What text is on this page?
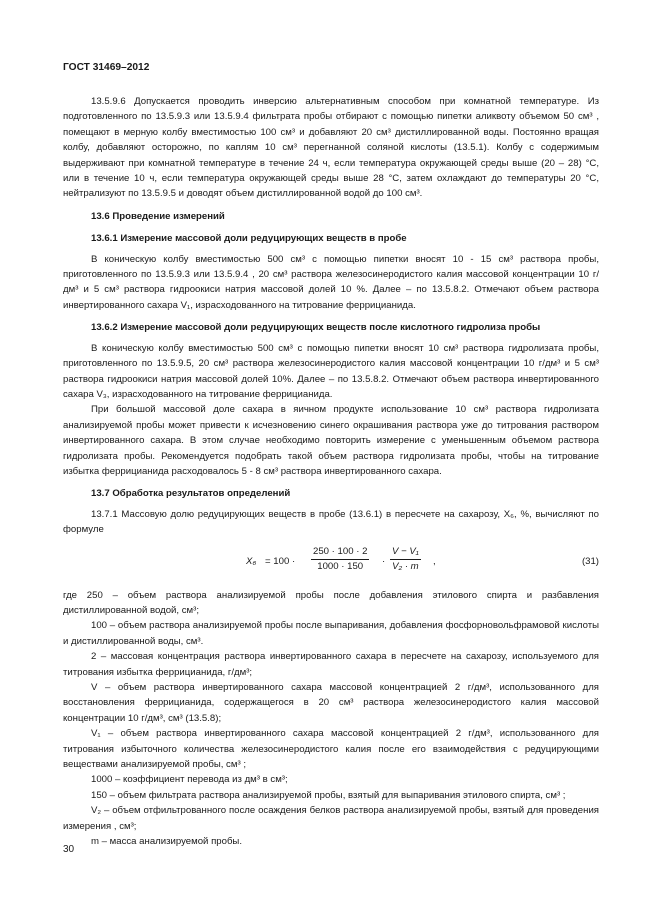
ГОСТ 31469–2012

13.5.9.6 Допускается проводить инверсию альтернативным способом при комнатной температуре. Из подготовленного по 13.5.9.3 или 13.5.9.4 фильтрата пробы отбирают с помощью пипетки аликвоту объемом 50 см³ , помещают в мерную колбу вместимостью 100 см³ и добавляют 20 см³ дистиллированной воды. Постоянно вращая колбу, добавляют осторожно, по каплям 10 см³ перегнанной соляной кислоты (13.5.1). Колбу с содержимым выдерживают при комнатной температуре в течение 24 ч, если температура окружающей среды выше (20 – 28) °С, или в течение 10 ч, если температура окружающей среды выше 28 °С, затем охлаждают до температуры 20 °С, нейтрализуют по 13.5.9.5 и доводят объем дистиллированной водой до 100 см³.

13.6 Проведение измерений

13.6.1 Измерение массовой доли редуцирующих веществ в пробе

В коническую колбу вместимостью 500 см³ с помощью пипетки вносят 10 - 15 см³ раствора пробы, приготовленного по 13.5.9.3 или 13.5.9.4 , 20 см³ раствора железосинеродистого калия массовой концентрации 10 г/дм³ и 5 см³ раствора гидроокиси натрия массовой долей 10 %. Далее – по 13.5.8.2. Отмечают объем раствора инвертированного сахара V₁, израсходованного на титрование феррицианида.

13.6.2 Измерение массовой доли редуцирующих веществ после кислотного гидролиза пробы

В коническую колбу вместимостью 500 см³ с помощью пипетки вносят 10 см³ раствора гидролизата пробы, приготовленного по 13.5.9.5, 20 см³ раствора железосинеродистого калия массовой концентрации 10 г/дм³ и 5 см³ раствора гидроокиси натрия массовой долей 10%. Далее – по 13.5.8.2. Отмечают объем раствора инвертированного сахара V₃, израсходованного на титрование феррицианида.

При большой массовой доле сахара в яичном продукте использование 10 см³ раствора гидролизата анализируемой пробы может привести к исчезновению синего окрашивания раствора уже до титрования раствором инвертированного сахара. В этом случае необходимо повторить измерение с уменьшенным объемом раствора гидролизата пробы. Рекомендуется подобрать такой объем раствора гидролизата пробы, чтобы на титрование избытка феррицианида расходовалось 5 - 8 см³ раствора инвертированного сахара.

13.7 Обработка результатов определений

13.7.1 Массовую долю редуцирующих веществ в пробе (13.6.1) в пересчете на сахарозу, X₆, %, вычисляют по формуле

$X_6 = 100 \cdot \frac{250 \cdot 100 \cdot 2}{1000 \cdot 150} \cdot \frac{\text{V − V₁}}{\text{V₂ · m}}$ ,	(31)

где 250 – объем раствора анализируемой пробы после добавления этилового спирта и разбавления дистиллированной водой, см³;

100 – объем раствора анализируемой пробы после выпаривания, добавления фосфорновольфрамовой кислоты и дистиллированной воды, см³.

2 – массовая концентрация раствора инвертированного сахара в пересчете на сахарозу, используемого для титрования избытка феррицианида, г/дм³;

V – объем раствора инвертированного сахара массовой концентрацией 2 г/дм³, использованного для восстановления феррицианида, содержащегося в 20 см³ раствора железосинеродистого калия массовой концентрации 10 г/дм³, см³ (13.5.8);

V₁ – объем раствора инвертированного сахара массовой концентрацией 2 г/дм³, использованного для титрования избыточного количества железосинеродистого калия после его взаимодействия с редуцирующими веществами анализируемой пробы, см³ ;

1000 – коэффициент перевода из дм³ в см³;

150 – объем фильтрата раствора анализируемой пробы, взятый для выпаривания этилового спирта, см³ ;

V₂ – объем отфильтрованного после осаждения белков раствора анализируемой пробы, взятый для проведения измерения , см³;

m – масса анализируемой пробы.

30
